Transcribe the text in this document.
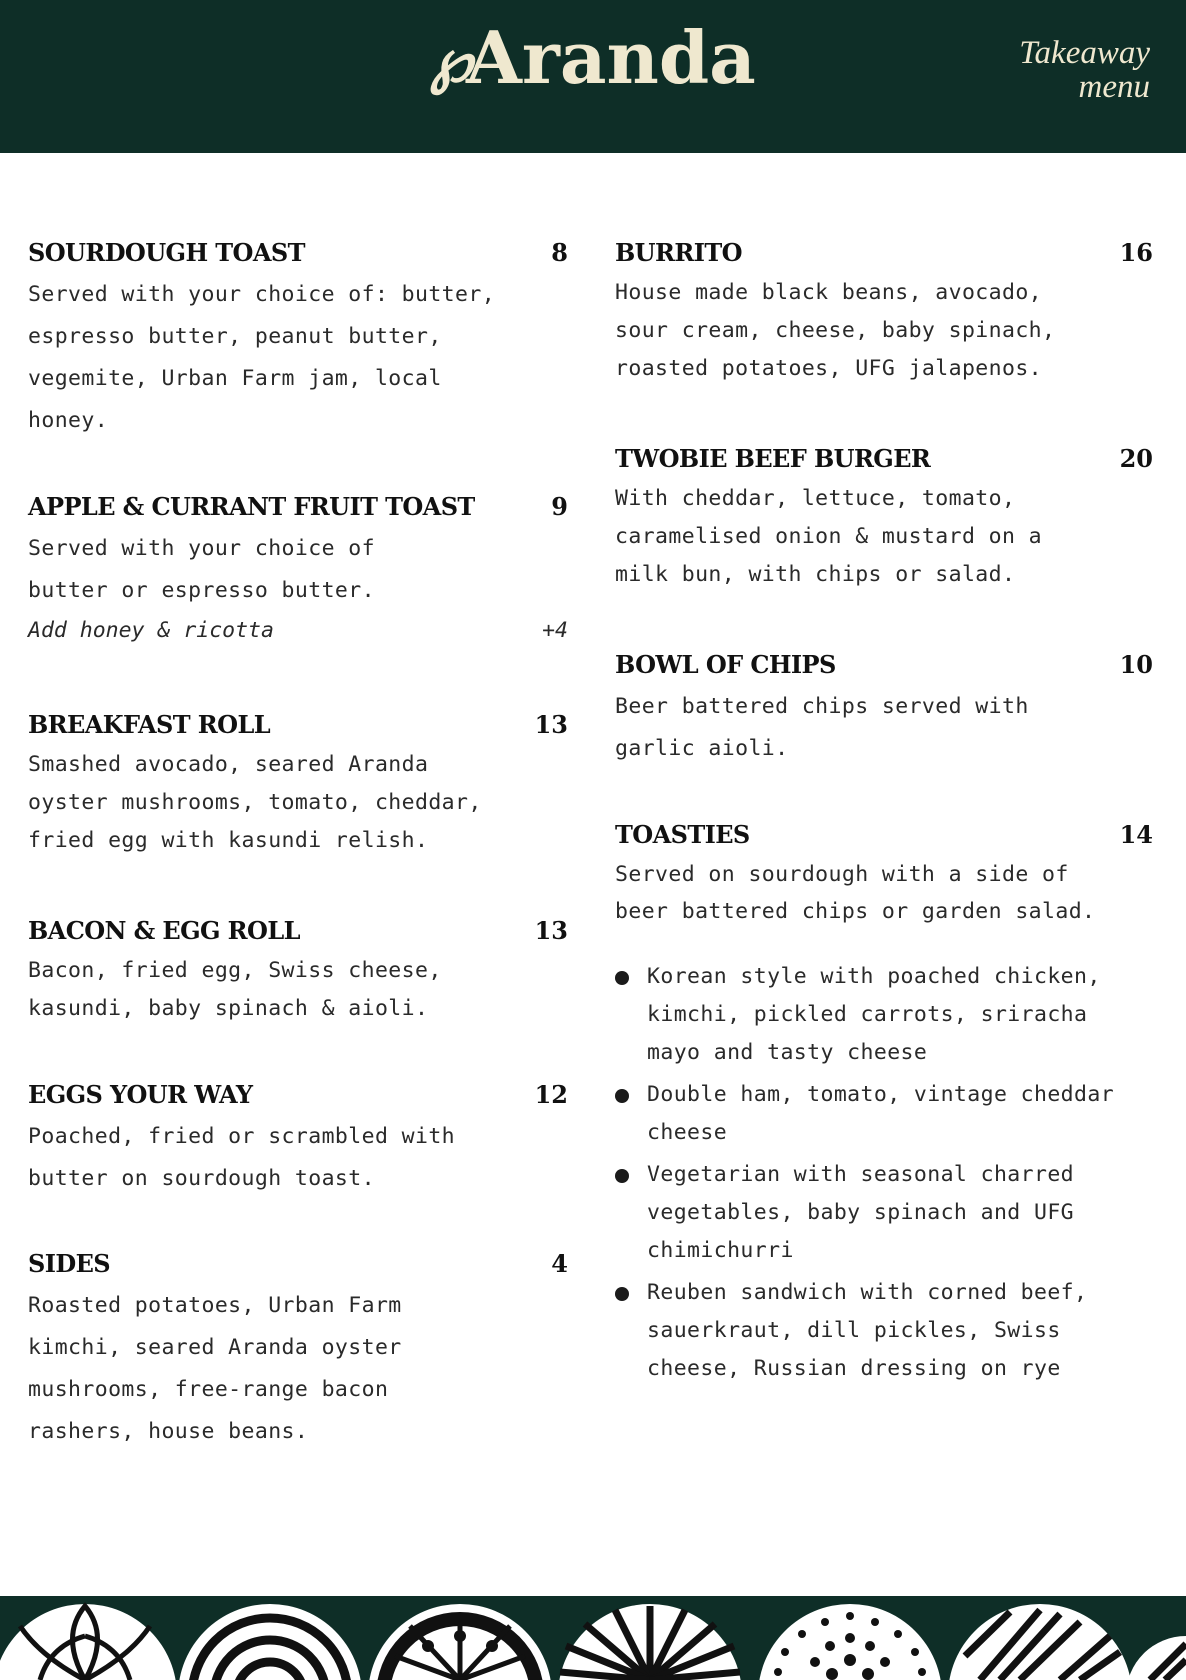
℘Aranda	Takeaway
menu
SOURDOUGH TOAST	8
Served with your choice of: butter, espresso butter, peanut butter, vegemite, Urban Farm jam, local honey.
APPLE & CURRANT FRUIT TOAST	9
Served with your choice of butter or espresso butter.
Add honey & ricotta	+4
BREAKFAST ROLL	13
Smashed avocado, seared Aranda oyster mushrooms, tomato, cheddar, fried egg with kasundi relish.
BACON & EGG ROLL	13
Bacon, fried egg, Swiss cheese, kasundi, baby spinach & aioli.
EGGS YOUR WAY	12
Poached, fried or scrambled with butter on sourdough toast.
SIDES	4
Roasted potatoes, Urban Farm kimchi, seared Aranda oyster mushrooms, free-range bacon rashers, house beans.
BURRITO	16
House made black beans, avocado, sour cream, cheese, baby spinach, roasted potatoes, UFG jalapenos.
TWOBIE BEEF BURGER	20
With cheddar, lettuce, tomato, caramelised onion & mustard on a milk bun, with chips or salad.
BOWL OF CHIPS	10
Beer battered chips served with garlic aioli.
TOASTIES	14
Served on sourdough with a side of beer battered chips or garden salad.
Korean style with poached chicken, kimchi, pickled carrots, sriracha mayo and tasty cheese
Double ham, tomato, vintage cheddar cheese
Vegetarian with seasonal charred vegetables, baby spinach and UFG chimichurri
Reuben sandwich with corned beef, sauerkraut, dill pickles, Swiss cheese, Russian dressing on rye
